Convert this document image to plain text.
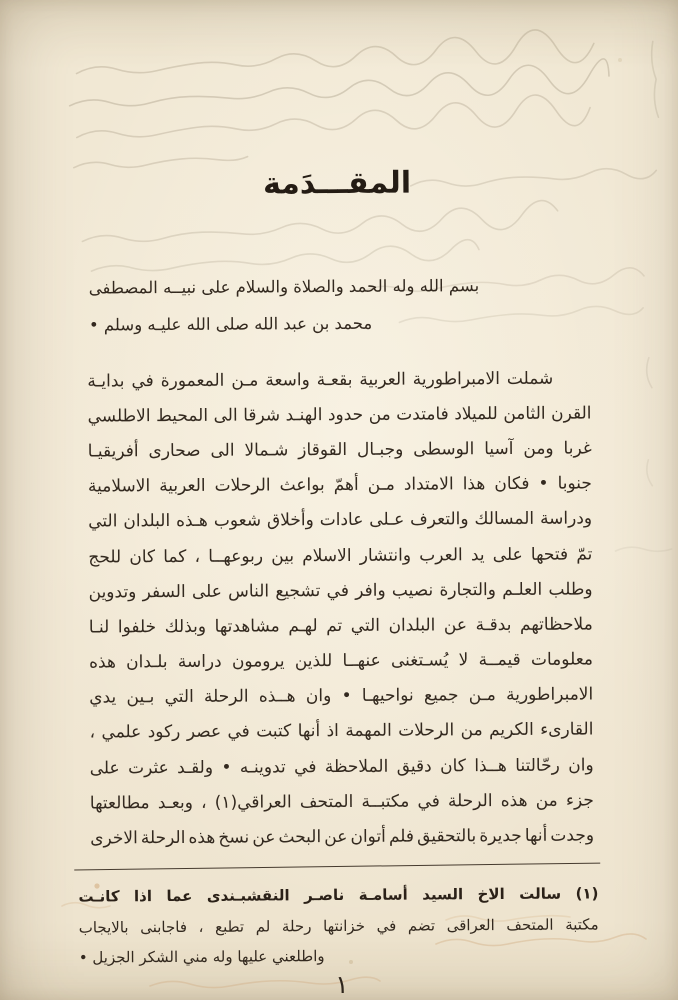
المقـــدَمة
بسم الله وله الحمد والصلاة والسلام على نبيــه المصطفى
محمد بن عبد الله صلى الله عليـه وسلم •
شملت
الامبراطورية
العربية
بقعـة
واسعة
مـن
المعمورة
في
بدايـة
القرن
الثامن
للميلاد
فامتدت
من
حدود
الهنـد
شرقا
الى
المحيط
الاطلسي
غربا
ومن
آسيا
الوسطى
وجبـال
القوقاز
شـمالا
الى
صحارى
أفريقيـا
جنوبا
•
فكان
هذا
الامتداد
مـن
أهمّ
بواعث
الرحلات
العربية
الاسلامية
ودراسة
المسالك
والتعرف
عـلى
عادات
وأخلاق
شعوب
هـذه
البلدان
التي
تمّ
فتحها
على
يد
العرب
وانتشار
الاسلام
بين
ربوعهــا
،
كما
كان
للحج
وطلب
العلـم
والتجارة
نصيب
وافر
في
تشجيع
الناس
على
السفر
وتدوين
ملاحظاتهم
بدقـة
عن
البلدان
التي
تم
لهـم
مشاهدتها
وبذلك
خلفوا
لنـا
معلومات
قيمــة
لا
يُسـتغنى
عنهــا
للذين
يرومون
دراسة
بلـدان
هذه
الامبراطورية
مـن
جميع
نواحيهـا
•
وان
هــذه
الرحلة
التي
بـين
يدي
القارىء
الكريم
من
الرحلات
المهمة
اذ
أنها
كتبت
في
عصر
ركود
علمي
،
وان
رحّالتنا
هــذا
كان
دقيق
الملاحظة
في
تدوينـه
•
ولقـد
عثرت
على
جزء
من
هذه
الرحلة
في
مكتبــة
المتحف
العراقي(١)
،
وبعـد
مطالعتها
وجدت
أنها
جديرة
بالتحقيق
فلم
أتوان
عن
البحث
عن
نسخ
هذه
الرحلة
الاخرى
(١)
سالت
الاخ
السيد
أسامـة
ناصـر
النقشبـندى
عما
اذا
كانـت
مكتبة
المتحف
العراقى
تضم
في
خزانتها
رحلة
لم
تطبع
،
فاجابنى
بالايجاب
واطلعني عليها وله مني الشكر الجزيل •
١
